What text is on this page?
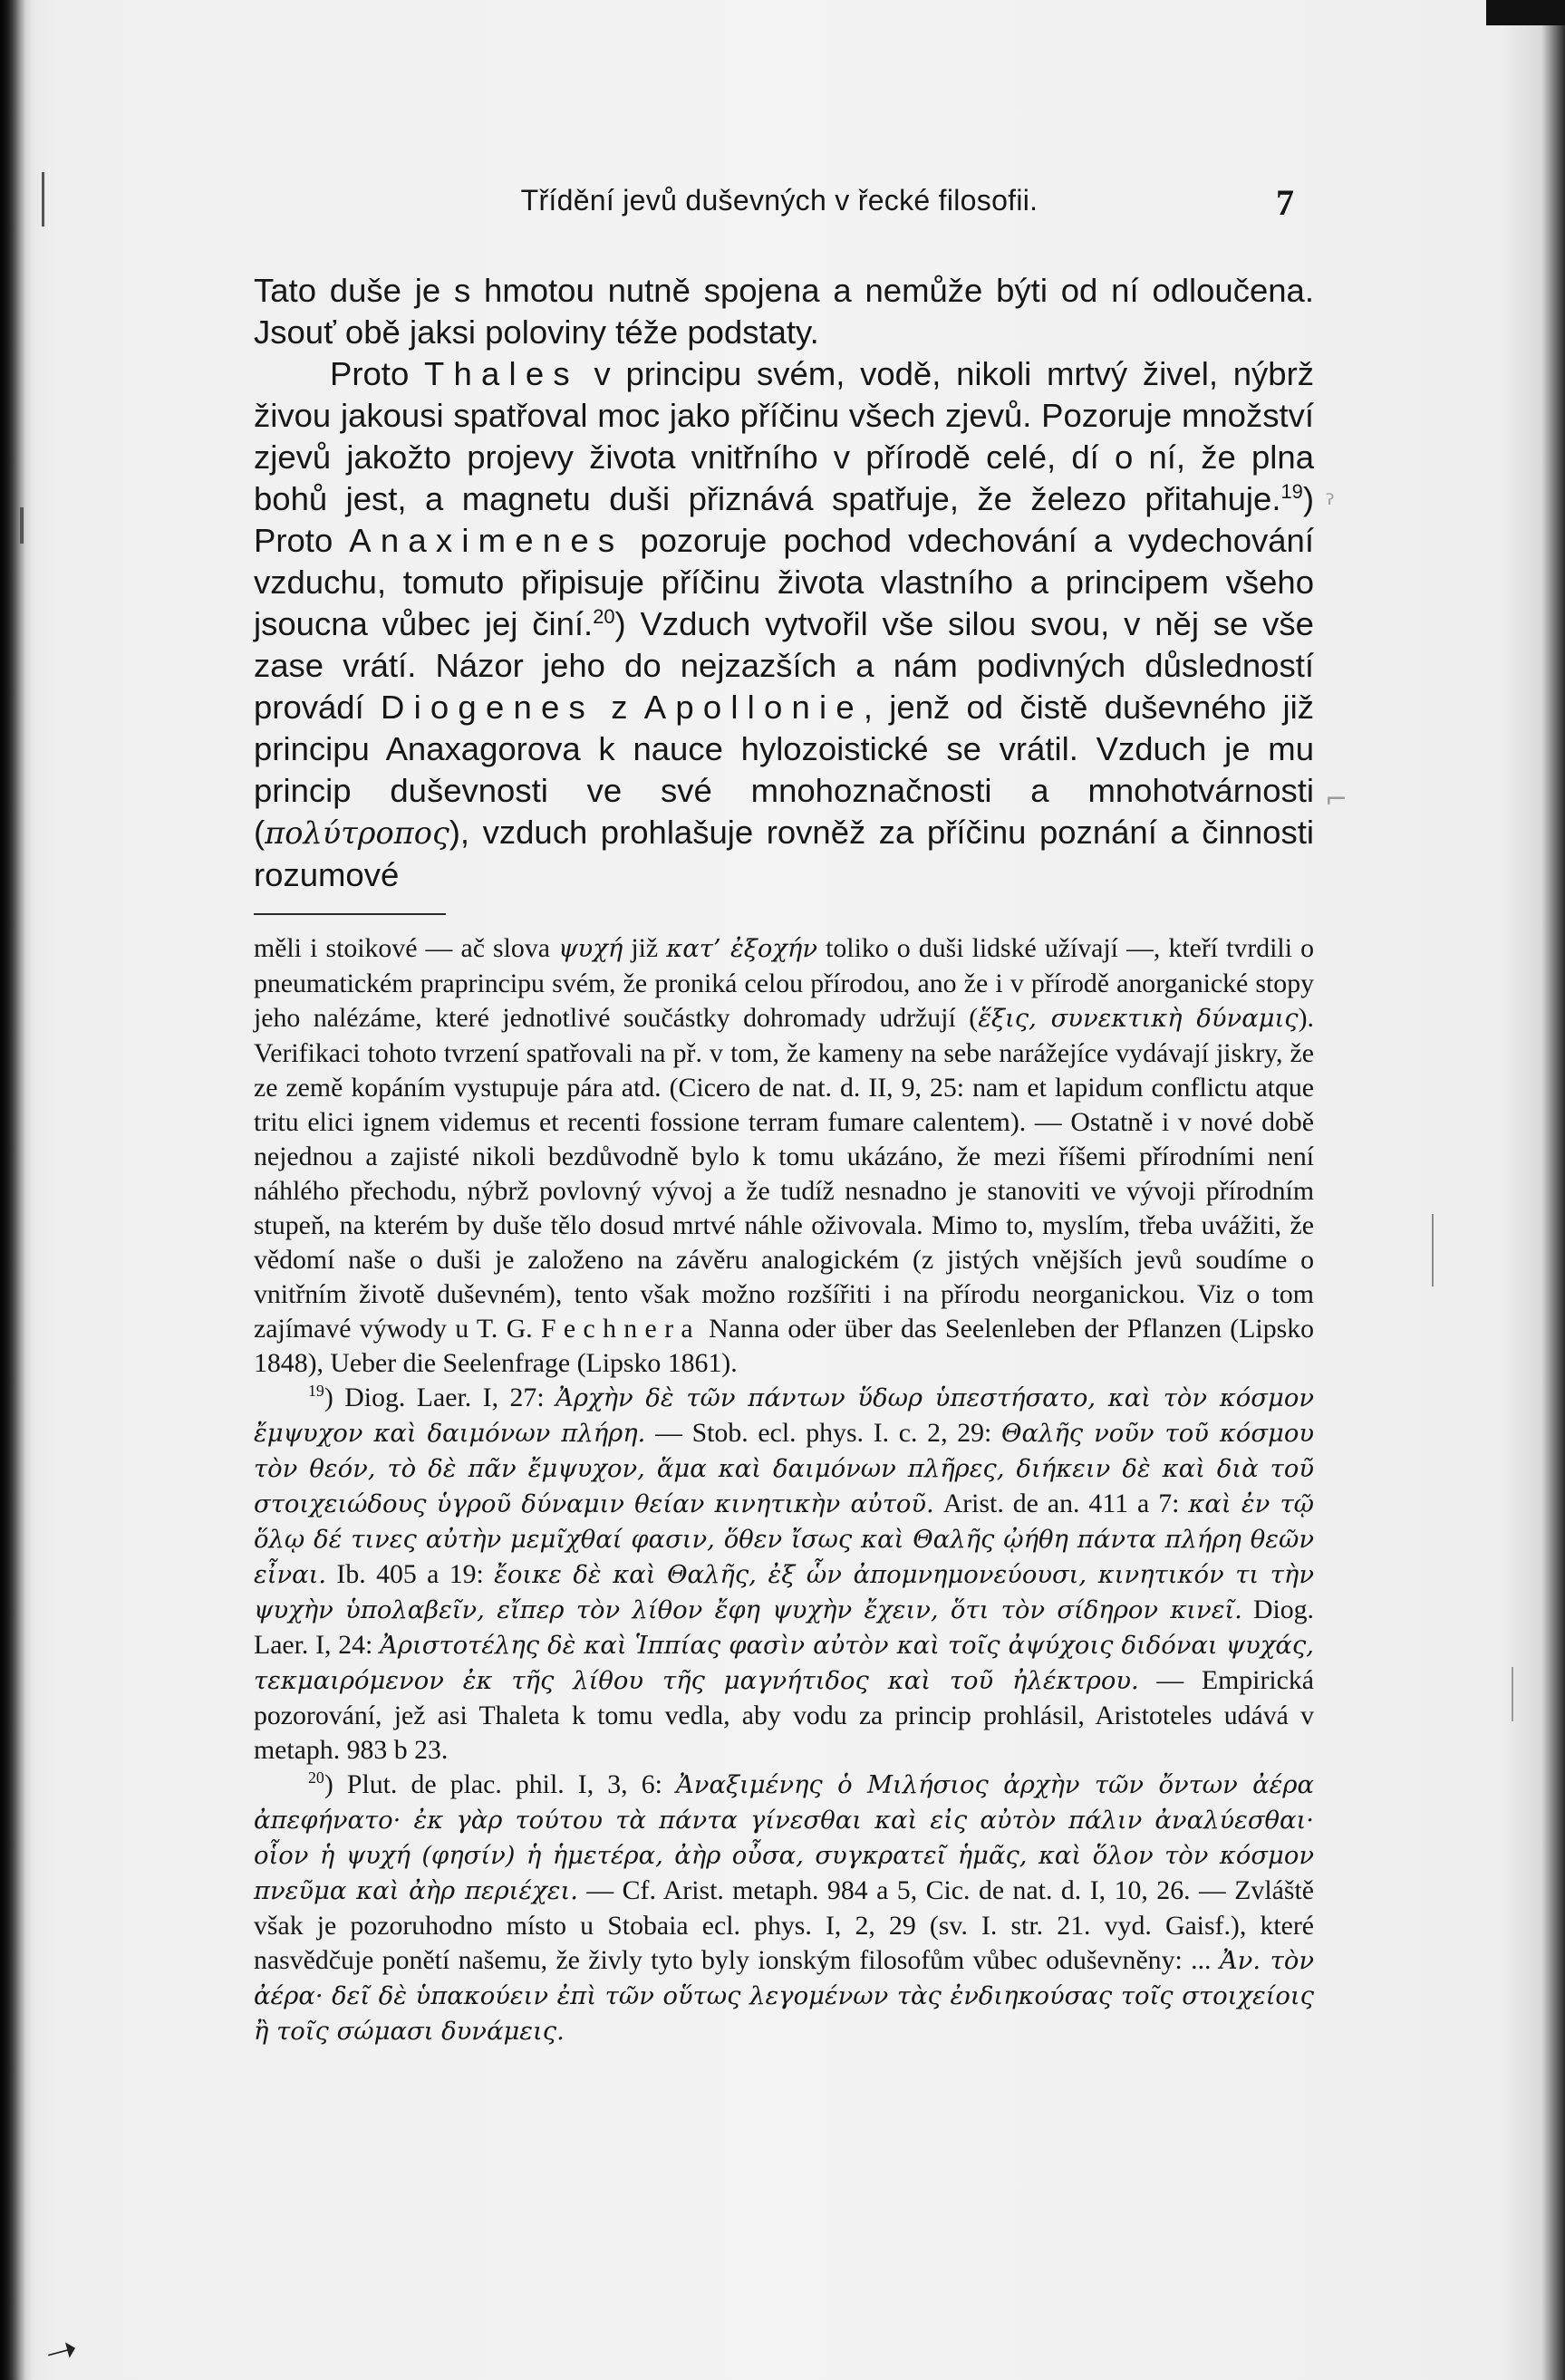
ˀ
⌐
➝
Třídění jevů duševných v řecké filosofii.	7

Tato duše je s hmotou nutně spojena a nemůže býti od ní odloučena. Jsouť obě jaksi poloviny téže podstaty.

Proto Thales v principu svém, vodě, nikoli mrtvý živel, nýbrž živou jakousi spatřoval moc jako příčinu všech zjevů. Pozoruje množství zjevů jakožto projevy života vnitřního v přírodě celé, dí o ní, že plna bohů jest, a magnetu duši přiznává spatřuje, že železo přitahuje.$^{19}$) Proto Anaximenes pozoruje pochod vdechování a vydechování vzduchu, tomuto připisuje příčinu života vlastního a principem všeho jsoucna vůbec jej činí.$^{20}$) Vzduch vytvořil vše silou svou, v něj se vše zase vrátí. Názor jeho do nejzazších a nám podivných důsledností provádí Diogenes z Apollonie, jenž od čistě duševného již principu Anaxagorova k nauce hylozoistické se vrátil. Vzduch je mu princip duševnosti ve své mnohoznačnosti a mnohotvárnosti (πολύτροπος), vzduch prohlašuje rovněž za příčinu poznání a činnosti rozumové

měli i stoikové — ač slova ψυχή již κατ’ ἐξοχήν toliko o duši lidské užívají —, kteří tvrdili o pneumatickém praprincipu svém, že proniká celou přírodou, ano že i v přírodě anorganické stopy jeho nalézáme, které jednotlivé součástky dohromady udržují (ἕξις, συνεκτικὴ δύναμις). Verifikaci tohoto tvrzení spatřovali na př. v tom, že kameny na sebe narážejíce vydávají jiskry, že ze země kopáním vystupuje pára atd. (Cicero de nat. d. II, 9, 25: nam et lapidum conflictu atque tritu elici ignem videmus et recenti fossione terram fumare calentem). — Ostatně i v nové době nejednou a zajisté nikoli bezdůvodně bylo k tomu ukázáno, že mezi říšemi přírodními není náhlého přechodu, nýbrž povlovný vývoj a že tudíž nesnadno je stanoviti ve vývoji přírodním stupeň, na kterém by duše tělo dosud mrtvé náhle oživovala. Mimo to, myslím, třeba uvážiti, že vědomí naše o duši je založeno na závěru analogickém (z jistých vnějších jevů soudíme o vnitřním životě duševném), tento však možno rozšířiti i na přírodu neorganickou. Viz o tom zajímavé výwody u T. G. Fechnera Nanna oder über das Seelenleben der Pflanzen (Lipsko 1848), Ueber die Seelenfrage (Lipsko 1861).

$^{19}$) Diog. Laer. I, 27: Ἀρχὴν δὲ τῶν πάντων ὕδωρ ὑπεστήσατο, καὶ τὸν κόσμον ἔμψυχον καὶ δαιμόνων πλήρη. — Stob. ecl. phys. I. c. 2, 29: Θαλῆς νοῦν τοῦ κόσμου τὸν θεόν, τὸ δὲ πᾶν ἔμψυχον, ἅμα καὶ δαιμόνων πλῆρες, διήκειν δὲ καὶ διὰ τοῦ στοιχειώδους ὑγροῦ δύναμιν θείαν κινητικὴν αὐτοῦ. Arist. de an. 411 a 7: καὶ ἐν τῷ ὅλῳ δέ τινες αὐτὴν μεμῖχθαί φασιν, ὅθεν ἴσως καὶ Θαλῆς ᾠήθη πάντα πλήρη θεῶν εἶναι. Ib. 405 a 19: ἔοικε δὲ καὶ Θαλῆς, ἐξ ὧν ἀπομνημονεύουσι, κινητικόν τι τὴν ψυχὴν ὑπολαβεῖν, εἴπερ τὸν λίθον ἔφη ψυχὴν ἔχειν, ὅτι τὸν σίδηρον κινεῖ. Diog. Laer. I, 24: Ἀριστοτέλης δὲ καὶ Ἱππίας φασὶν αὐτὸν καὶ τοῖς ἀψύχοις διδόναι ψυχάς, τεκμαιρόμενον ἐκ τῆς λίθου τῆς μαγνήτιδος καὶ τοῦ ἠλέκτρου. — Empirická pozorování, jež asi Thaleta k tomu vedla, aby vodu za princip prohlásil, Aristoteles udává v metaph. 983 b 23.

$^{20}$) Plut. de plac. phil. I, 3, 6: Ἀναξιμένης ὁ Μιλήσιος ἀρχὴν τῶν ὄντων ἀέρα ἀπεφήνατο· ἐκ γὰρ τούτου τὰ πάντα γίνεσθαι καὶ εἰς αὐτὸν πάλιν ἀναλύεσθαι· οἷον ἡ ψυχή (φησίν) ἡ ἡμετέρα, ἀὴρ οὖσα, συγκρατεῖ ἡμᾶς, καὶ ὅλον τὸν κόσμον πνεῦμα καὶ ἀὴρ περιέχει. — Cf. Arist. metaph. 984 a 5, Cic. de nat. d. I, 10, 26. — Zvláště však je pozoruhodno místo u Stobaia ecl. phys. I, 2, 29 (sv. I. str. 21. vyd. Gaisf.), které nasvědčuje ponětí našemu, že živly tyto byly ionským filosofům vůbec oduševněny: ... Ἀν. τὸν ἀέρα· δεῖ δὲ ὑπακούειν ἐπὶ τῶν οὕτως λεγομένων τὰς ἐνδιηκούσας τοῖς στοιχείοις ἢ τοῖς σώμασι δυνάμεις.
